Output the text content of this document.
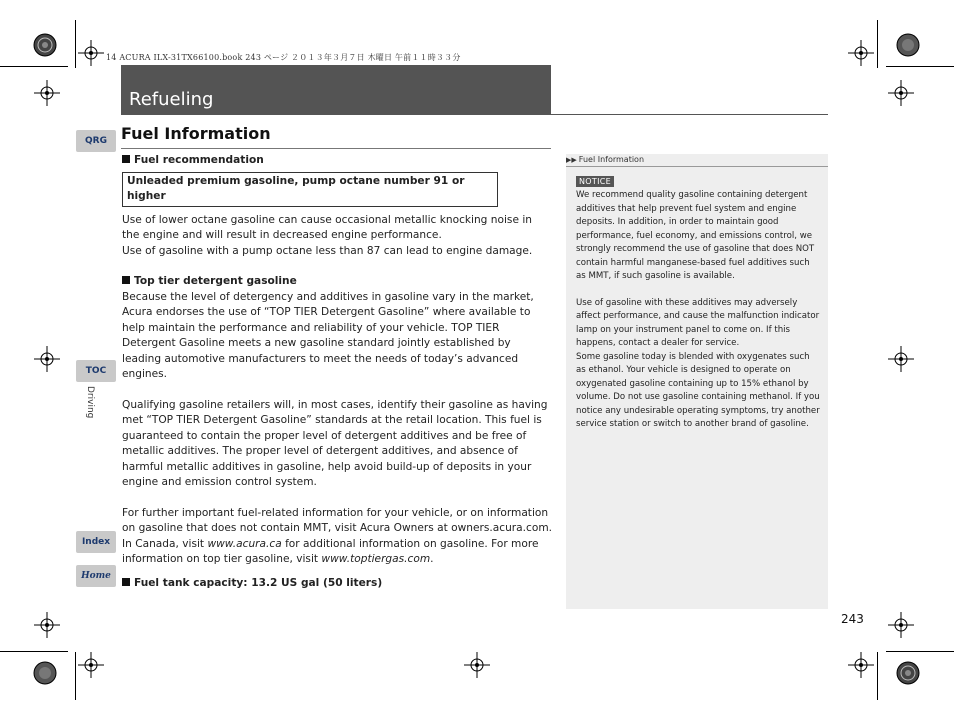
14 ACURA ILX-31TX66100.book 243 ページ ２０１３年３月７日 木曜日 午前１１時３３分
Refueling
QRG
TOC
Driving
Index
Home
Fuel Information
Fuel recommendation
Unleaded premium gasoline, pump octane number 91 or higher

Use of lower octane gasoline can cause occasional metallic knocking noise in the engine and will result in decreased engine performance.

Use of gasoline with a pump octane less than 87 can lead to engine damage.

Top tier detergent gasoline

Because the level of detergency and additives in gasoline vary in the market, Acura endorses the use of “TOP TIER Detergent Gasoline” where available to help maintain the performance and reliability of your vehicle. TOP TIER Detergent Gasoline meets a new gasoline standard jointly established by leading automotive manufacturers to meet the needs of today’s advanced engines.

Qualifying gasoline retailers will, in most cases, identify their gasoline as having met “TOP TIER Detergent Gasoline” standards at the retail location. This fuel is guaranteed to contain the proper level of detergent additives and be free of metallic additives. The proper level of detergent additives, and absence of harmful metallic additives in gasoline, help avoid build-up of deposits in your engine and emission control system.

For further important fuel-related information for your vehicle, or on information on gasoline that does not contain MMT, visit Acura Owners at owners.acura.com. In Canada, visit www.acura.ca for additional information on gasoline. For more information on top tier gasoline, visit www.toptiergas.com.

Fuel tank capacity: 13.2 US gal (50 liters)
▶▶ Fuel Information
NOTICE

We recommend quality gasoline containing detergent additives that help prevent fuel system and engine deposits. In addition, in order to maintain good performance, fuel economy, and emissions control, we strongly recommend the use of gasoline that does NOT contain harmful manganese-based fuel additives such as MMT, if such gasoline is available.

Use of gasoline with these additives may adversely affect performance, and cause the malfunction indicator lamp on your instrument panel to come on. If this happens, contact a dealer for service.

Some gasoline today is blended with oxygenates such as ethanol. Your vehicle is designed to operate on oxygenated gasoline containing up to 15% ethanol by volume. Do not use gasoline containing methanol. If you notice any undesirable operating symptoms, try another service station or switch to another brand of gasoline.

243
